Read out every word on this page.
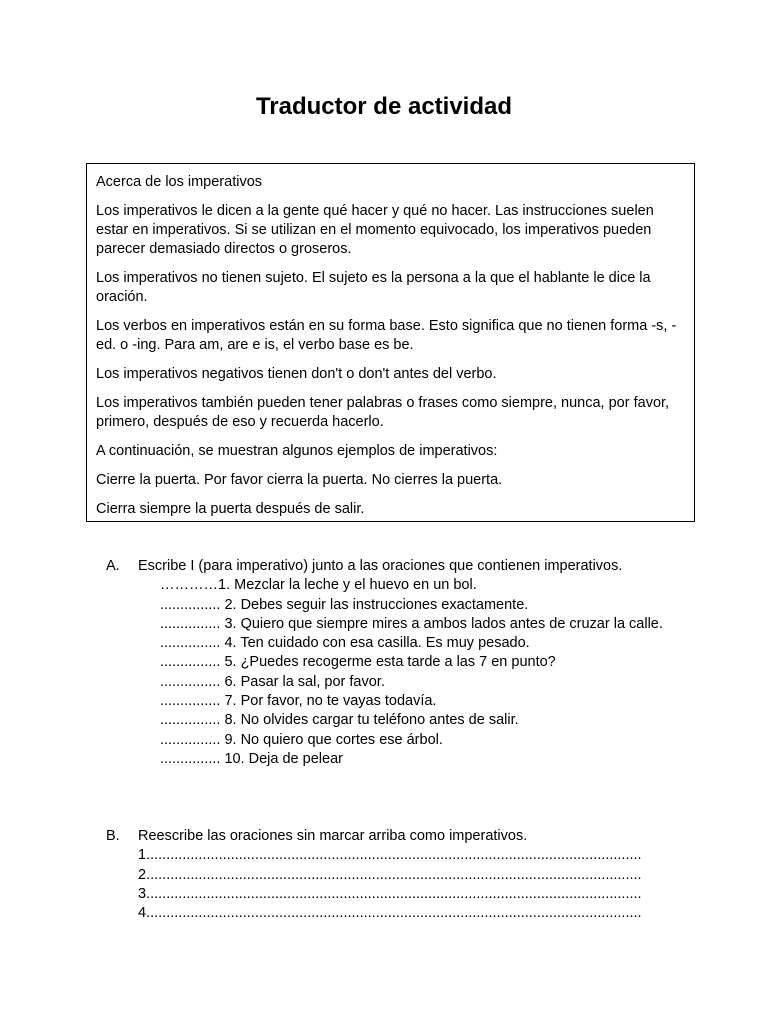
Traductor de actividad

Acerca de los imperativos

Los imperativos le dicen a la gente qué hacer y qué no hacer. Las instrucciones suelen estar en imperativos. Si se utilizan en el momento equivocado, los imperativos pueden parecer demasiado directos o groseros.

Los imperativos no tienen sujeto. El sujeto es la persona a la que el hablante le dice la oración.

Los verbos en imperativos están en su forma base. Esto significa que no tienen forma -s, -ed. o -ing. Para am, are e is, el verbo base es be.

Los imperativos negativos tienen don't o don't antes del verbo.

Los imperativos también pueden tener palabras o frases como siempre, nunca, por favor, primero, después de eso y recuerda hacerlo.

A continuación, se muestran algunos ejemplos de imperativos:

Cierre la puerta. Por favor cierra la puerta. No cierres la puerta.

Cierra siempre la puerta después de salir.

A.	Escribe I (para imperativo) junto a las oraciones que contienen imperativos.
…………1. Mezclar la leche y el huevo en un bol.
............... 2. Debes seguir las instrucciones exactamente.
............... 3. Quiero que siempre mires a ambos lados antes de cruzar la calle.
............... 4. Ten cuidado con esa casilla. Es muy pesado.
............... 5. ¿Puedes recogerme esta tarde a las 7 en punto?
............... 6. Pasar la sal, por favor.
............... 7. Por favor, no te vayas todavía.
............... 8. No olvides cargar tu teléfono antes de salir.
............... 9. No quiero que cortes ese árbol.
............... 10. Deja de pelear
B.	Reescribe las oraciones sin marcar arriba como imperativos.
1...........................................................................................................................
2...........................................................................................................................
3...........................................................................................................................
4...........................................................................................................................
